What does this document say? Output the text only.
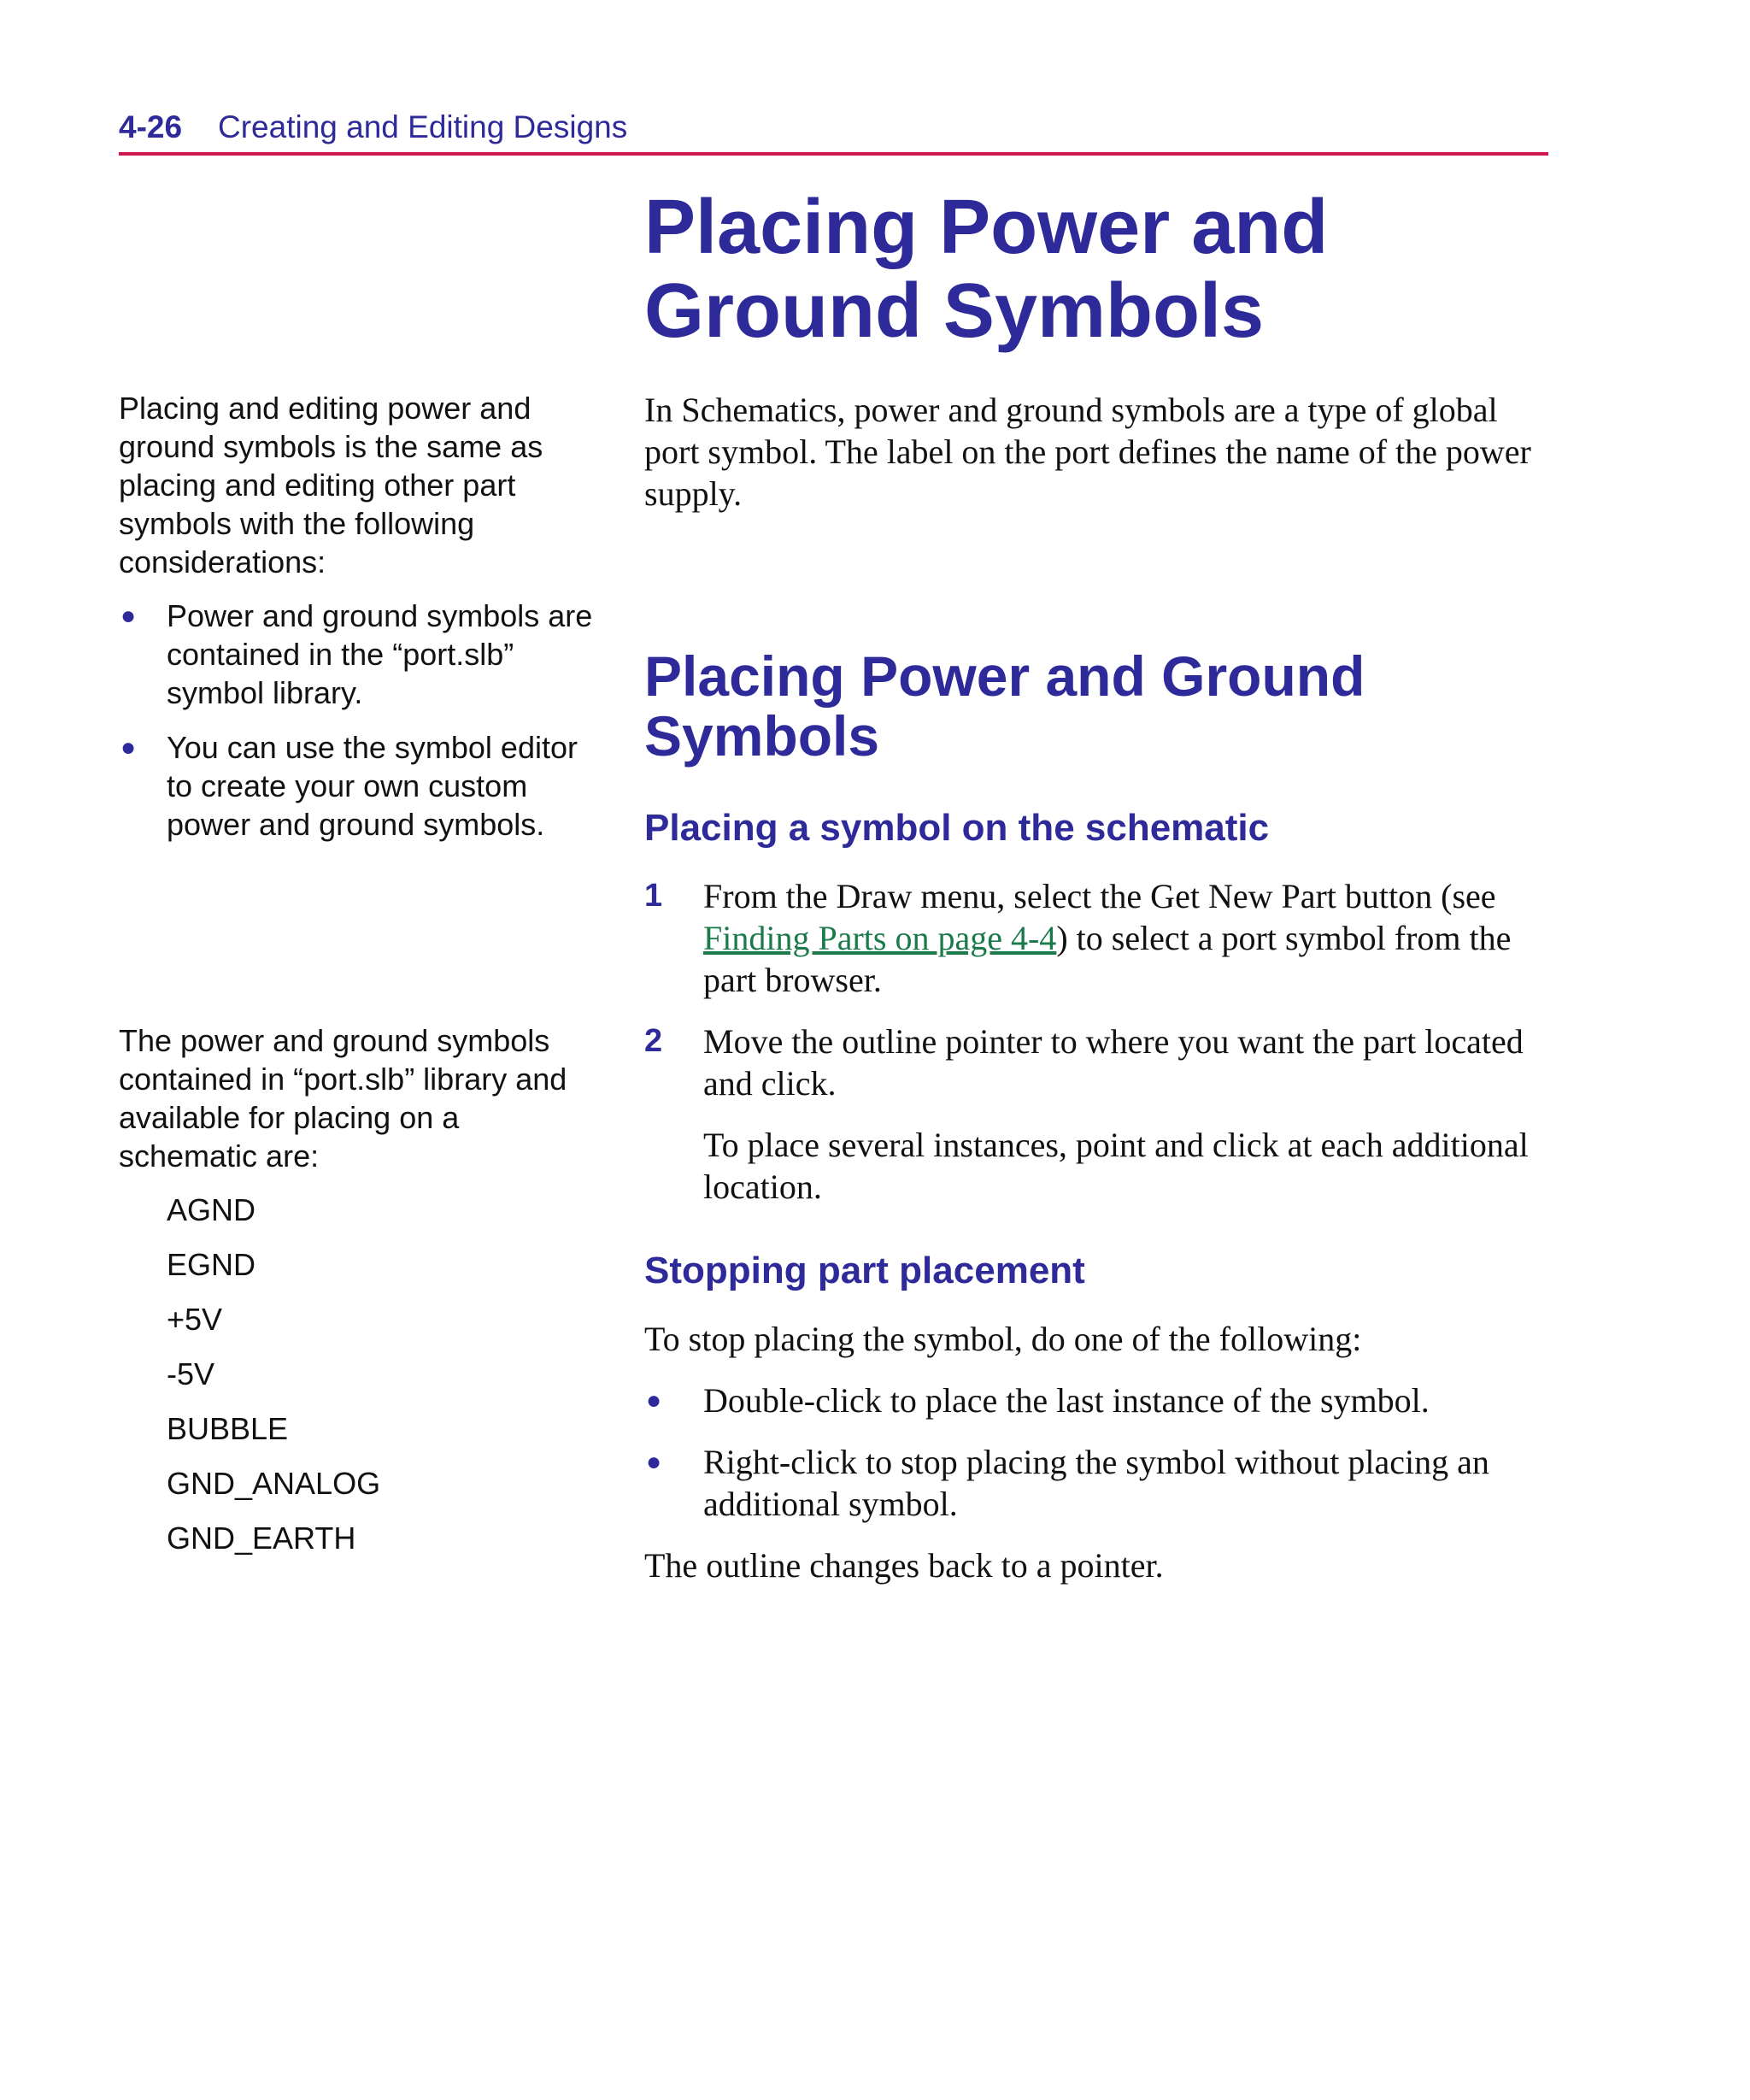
4-26 Creating and Editing Designs
Placing Power and
Ground Symbols

Placing and editing power and ground symbols is the same as placing and editing other part symbols with the following considerations:

● Power and ground symbols are contained in the “port.slb” symbol library.
● You can use the symbol editor to create your own custom power and ground symbols.

The power and ground symbols contained in “port.slb” library and available for placing on a schematic are:

AGND
EGND
+5V
-5V
BUBBLE
GND_ANALOG
GND_EARTH

In Schematics, power and ground symbols are a type of global port symbol. The label on the port defines the name of the power supply.

Placing Power and Ground
Symbols
Placing a symbol on the schematic
1 From the Draw menu, select the Get New Part button (see Finding Parts on page 4-4) to select a port symbol from the part browser.
2 Move the outline pointer to where you want the part located and click.
To place several instances, point and click at each additional location.
Stopping part placement

To stop placing the symbol, do one of the following:

● Double-click to place the last instance of the symbol.
● Right-click to stop placing the symbol without placing an additional symbol.

The outline changes back to a pointer.
